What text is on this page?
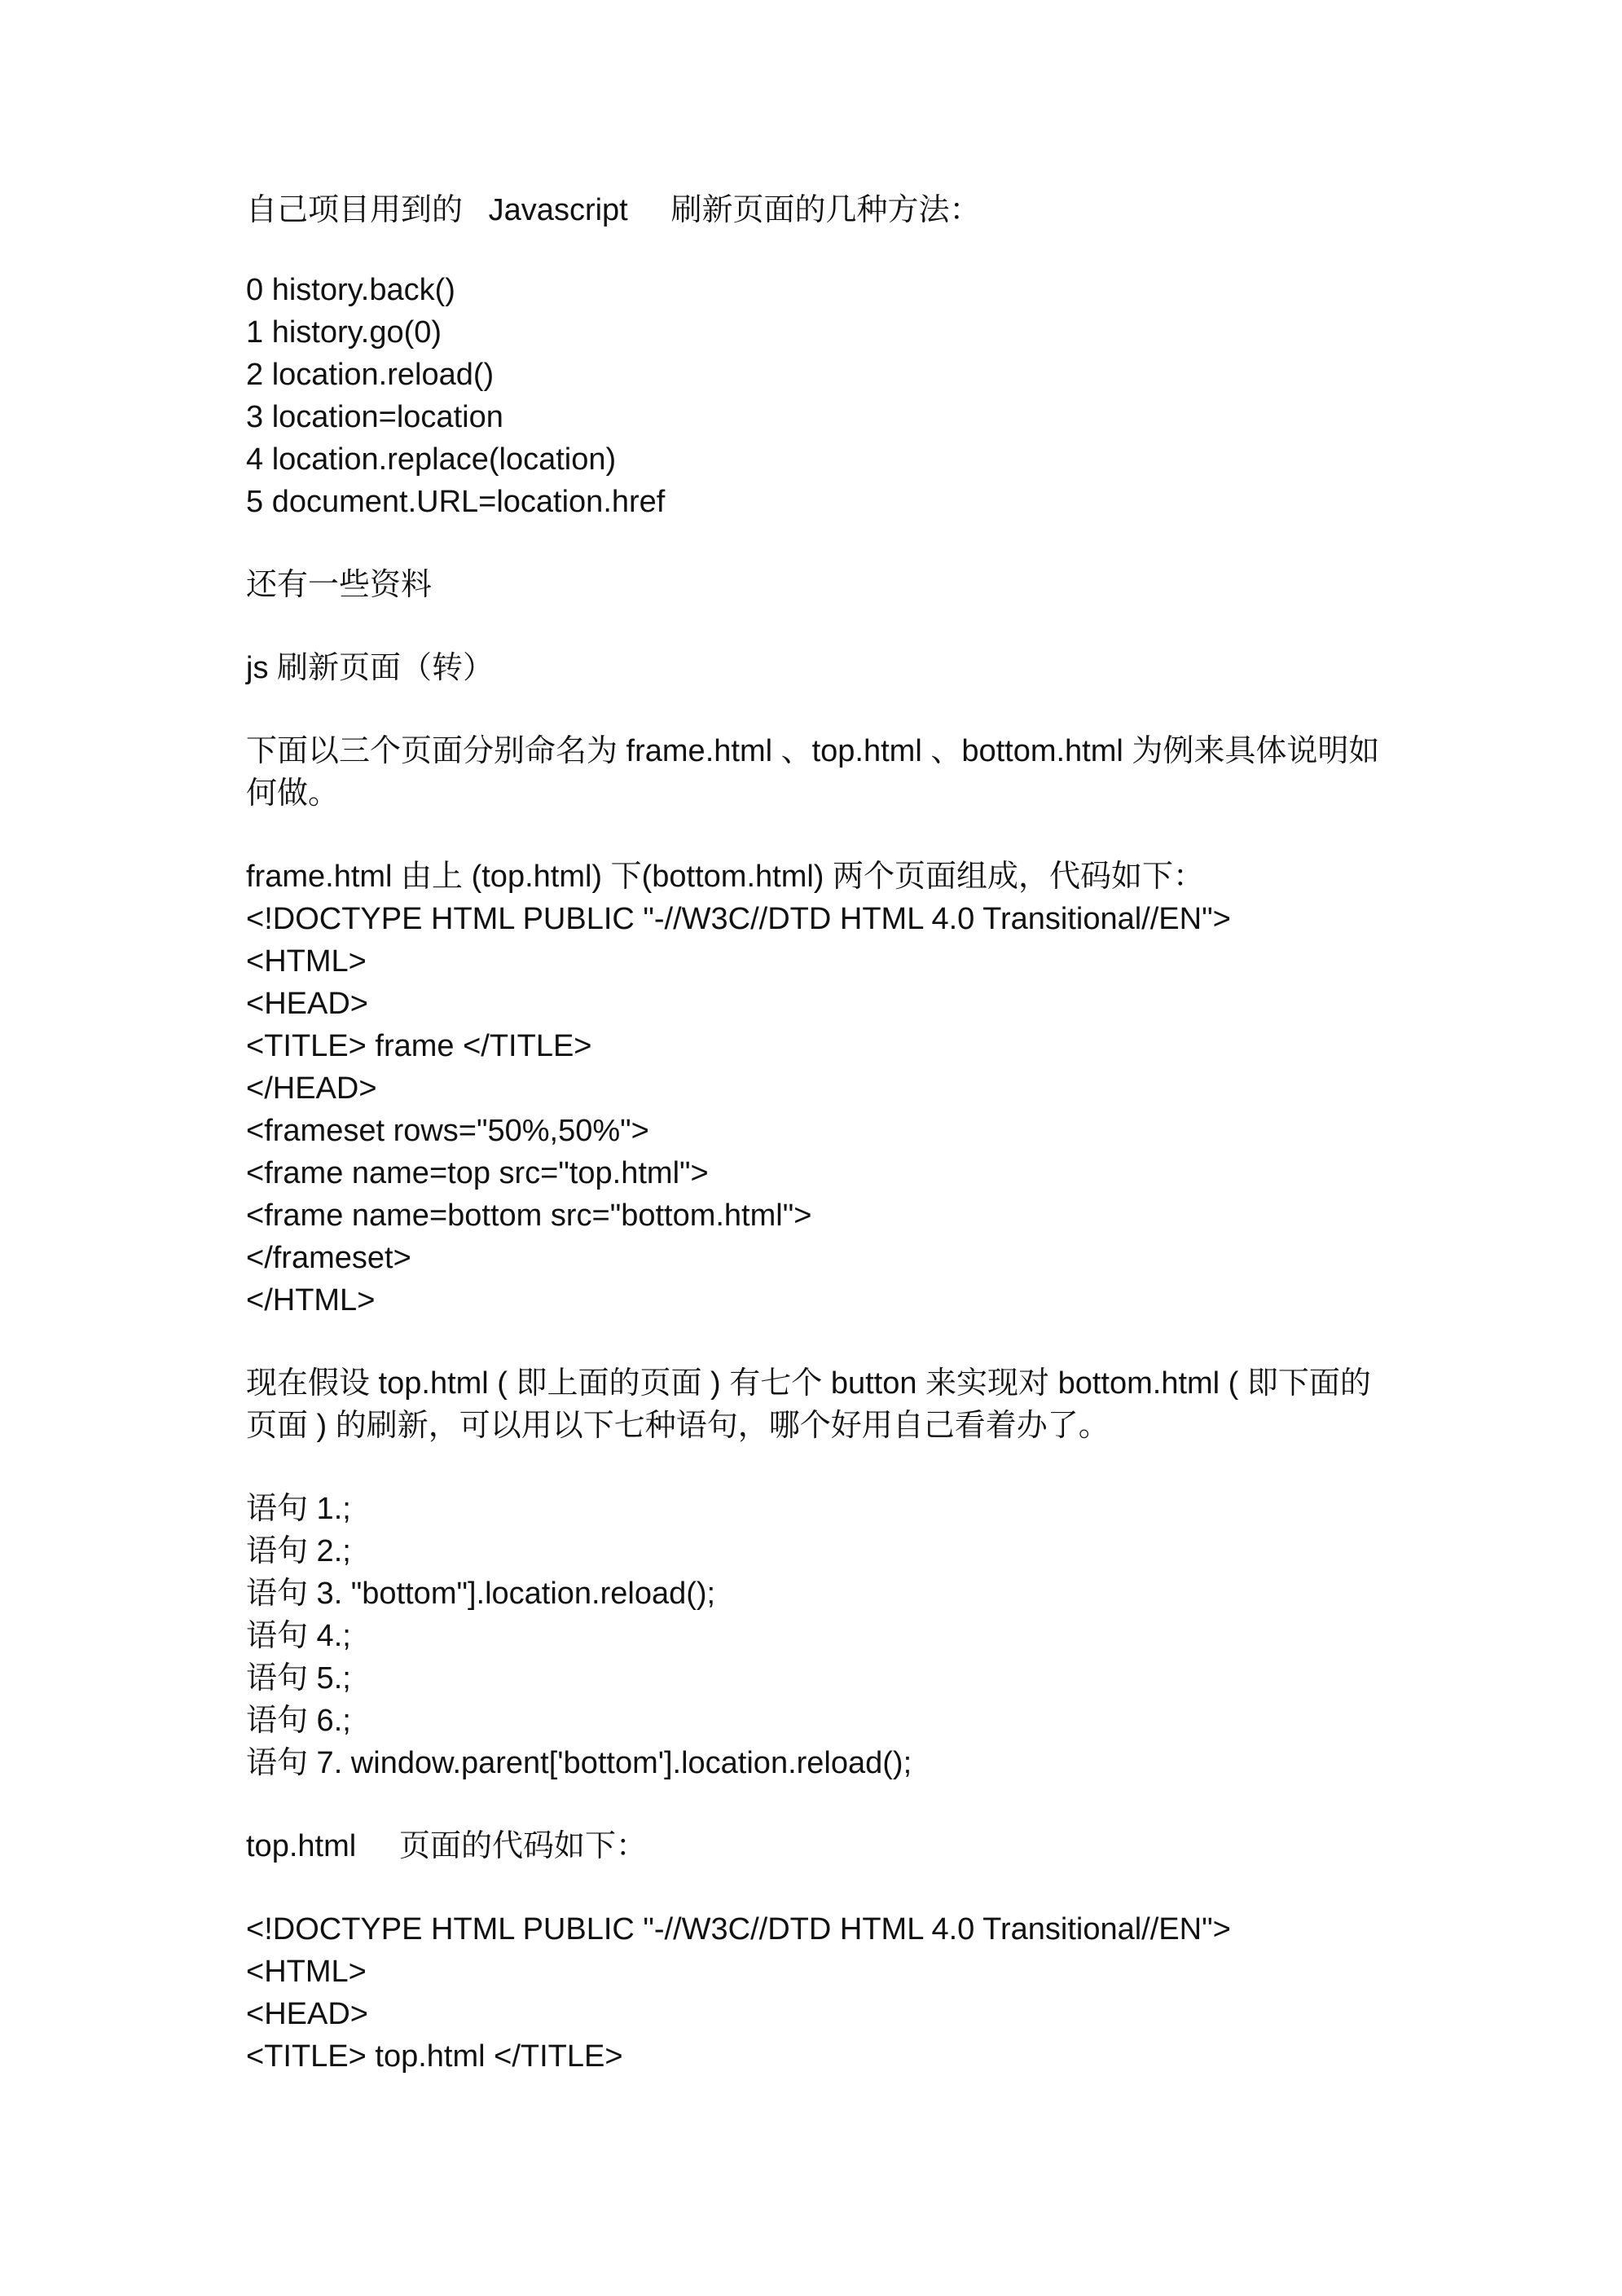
自己项目用到的   Javascript     刷新页面的几种方法：
0 history.back()
1 history.go(0)
2 location.reload()
3 location=location
4 location.replace(location)
5 document.URL=location.href
还有一些资料
js 刷新页面（转）
下面以三个页面分别命名为 frame.html 、top.html 、bottom.html 为例来具体说明如何做。
frame.html 由上 (top.html) 下(bottom.html) 两个页面组成，代码如下：
<!DOCTYPE HTML PUBLIC "-//W3C//DTD HTML 4.0 Transitional//EN">
<HTML>
<HEAD>
<TITLE> frame </TITLE>
</HEAD>
<frameset rows="50%,50%">
<frame name=top src="top.html">
<frame name=bottom src="bottom.html">
</frameset>
</HTML>
现在假设 top.html ( 即上面的页面 ) 有七个 button 来实现对 bottom.html ( 即下面的页面 ) 的刷新，可以用以下七种语句，哪个好用自己看着办了。
语句 1.;
语句 2.;
语句 3. "bottom"].location.reload();
语句 4.;
语句 5.;
语句 6.;
语句 7. window.parent['bottom'].location.reload();
top.html     页面的代码如下：
<!DOCTYPE HTML PUBLIC "-//W3C//DTD HTML 4.0 Transitional//EN">
<HTML>
<HEAD>
<TITLE> top.html </TITLE>
